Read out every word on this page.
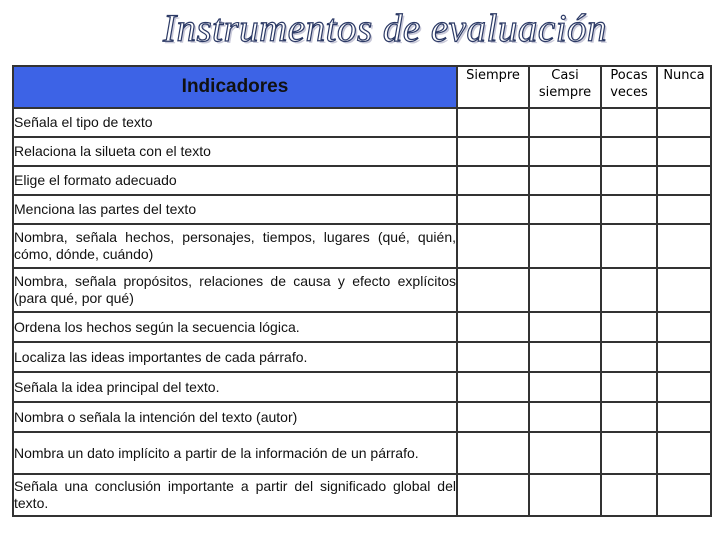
Instrumentos de evaluación
Indicadores	Siempre	Casi siempre	Pocas veces	Nunca
Señala el tipo de texto				
Relaciona la silueta con el texto				
Elige el formato adecuado				
Menciona las partes del texto				
Nombra, señala hechos, personajes, tiempos, lugares (qué, quién, cómo, dónde, cuándo)				
Nombra, señala propósitos, relaciones de causa y efecto explícitos (para qué, por qué)				
Ordena los hechos según la secuencia lógica.				
Localiza las ideas importantes de cada párrafo.				
Señala la idea principal del texto.				
Nombra o señala la intención del texto (autor)				
Nombra un dato implícito a partir de la información de un párrafo.				
Señala una conclusión importante a partir del significado global del texto.				
